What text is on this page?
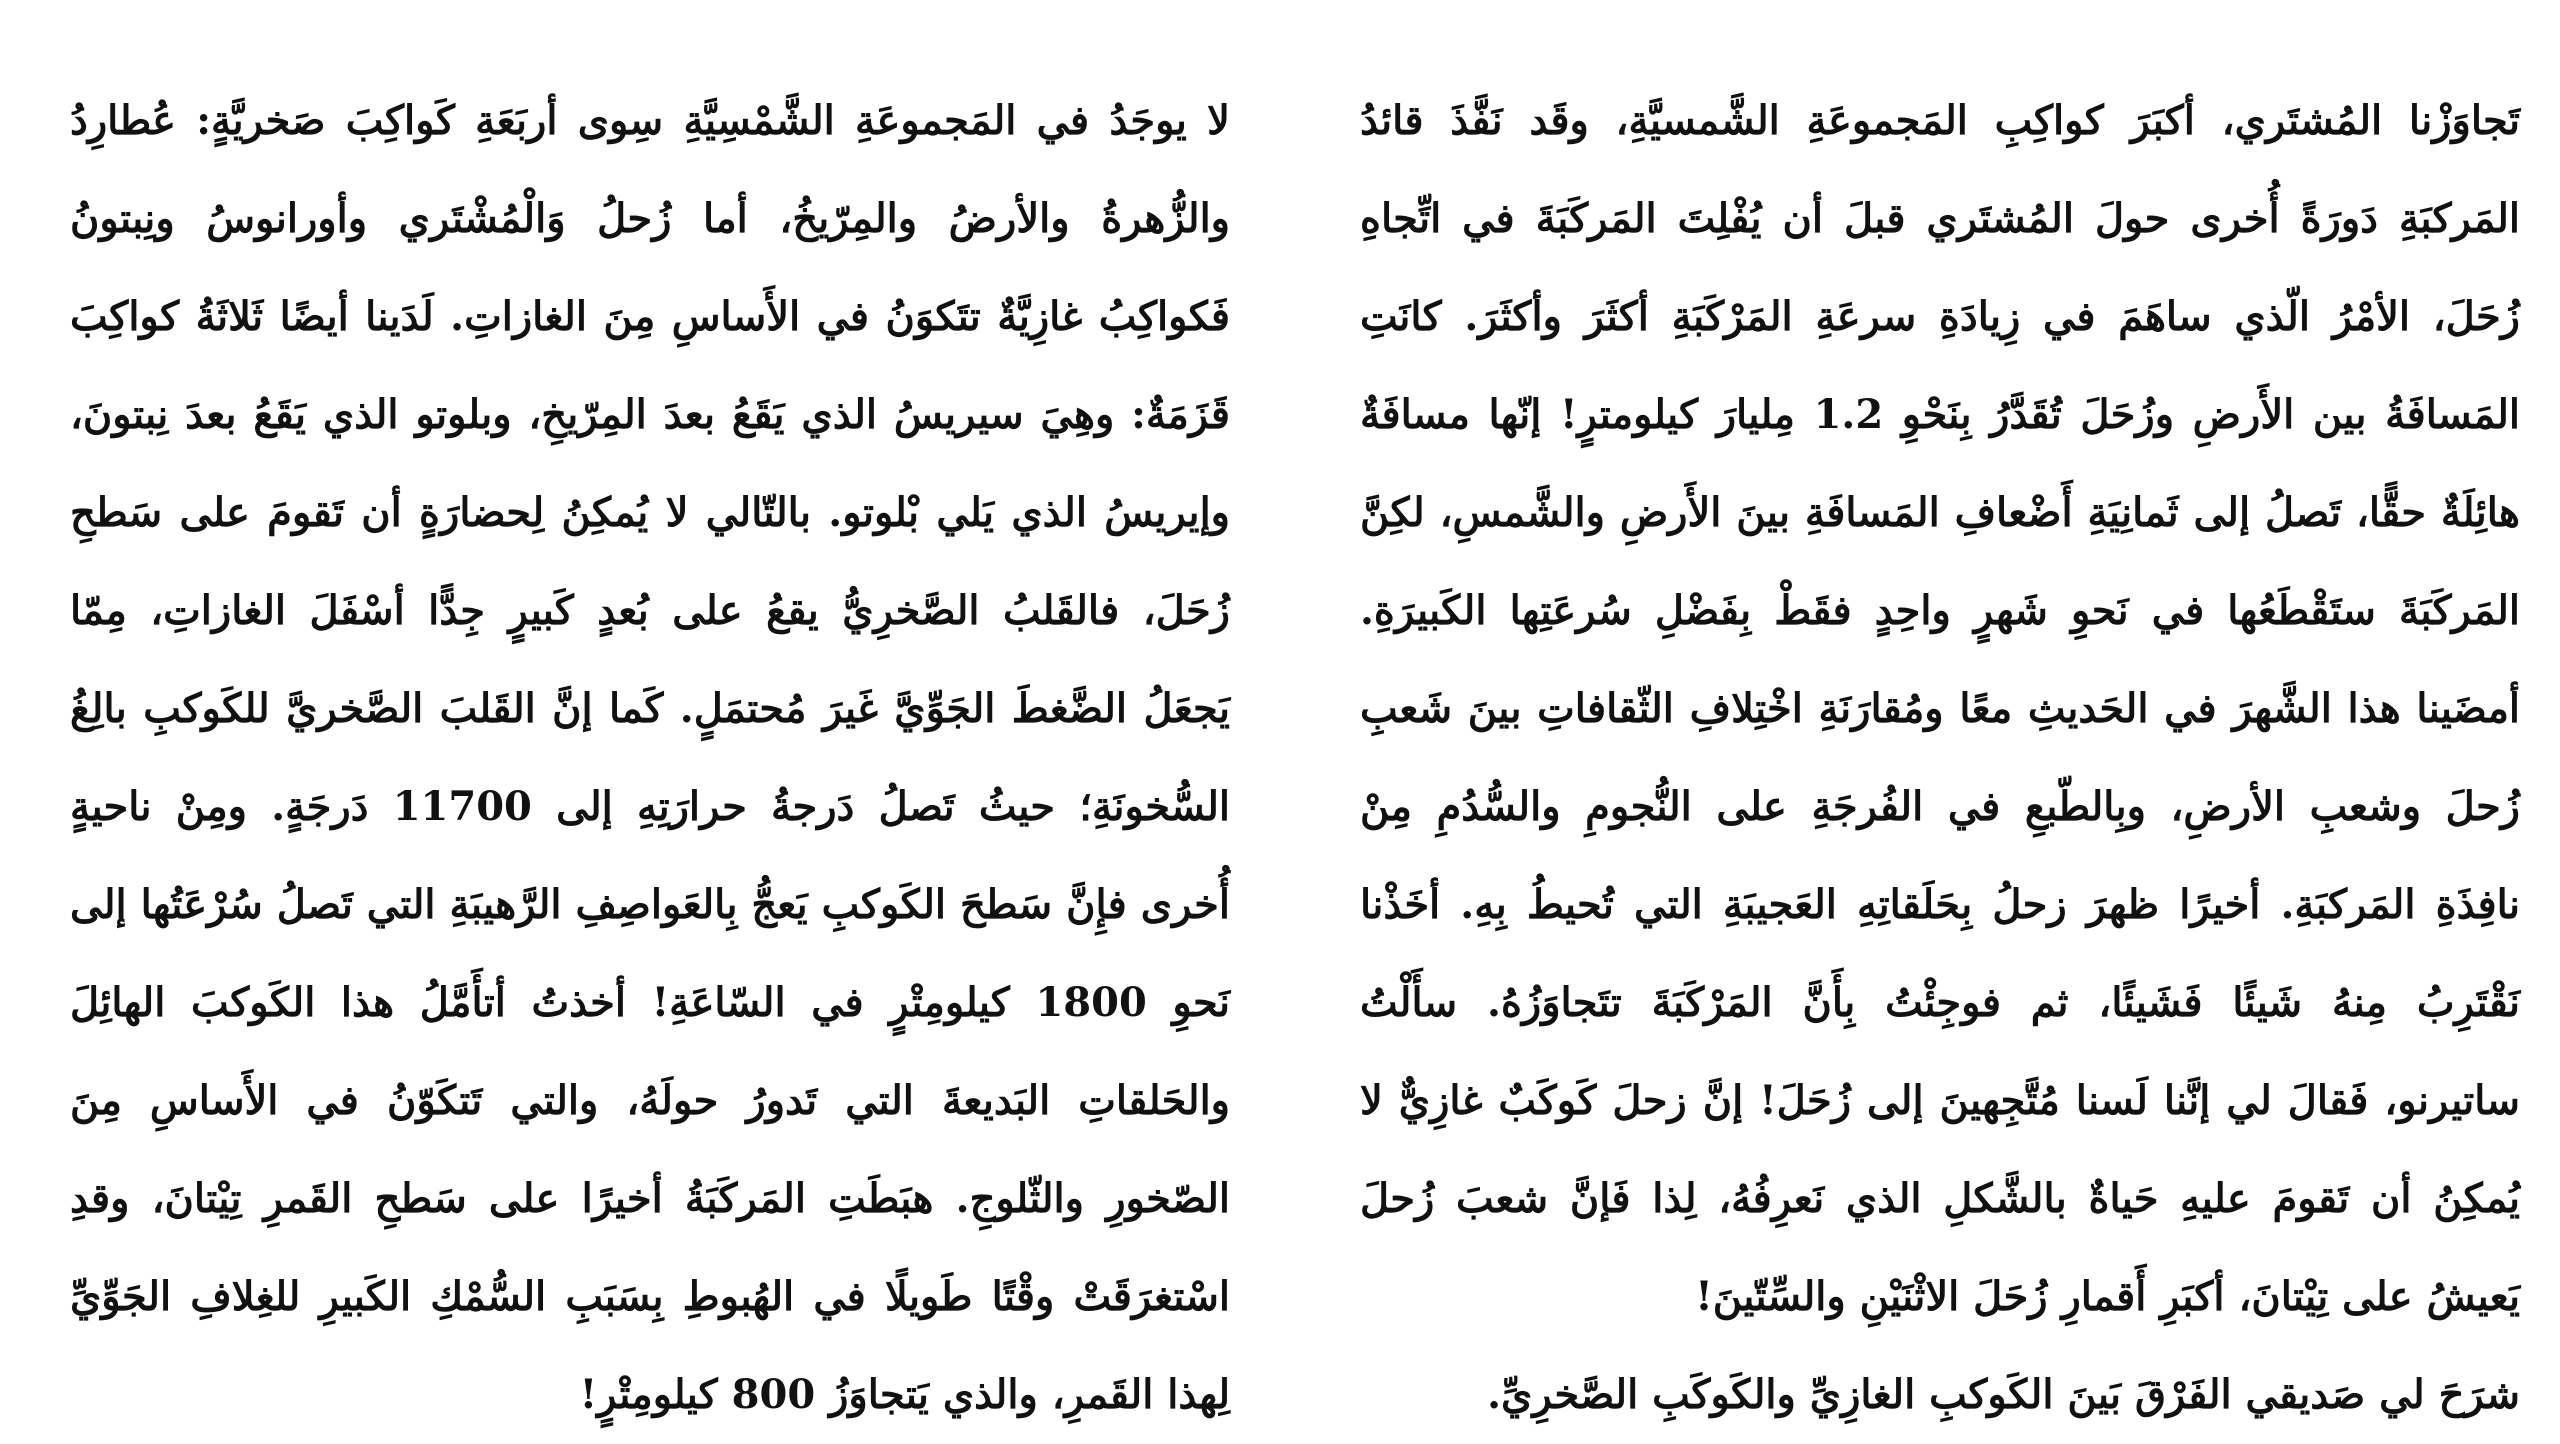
تَجاوَزْنا المُشتَري، أكبَرَ كواكِبِ المَجموعَةِ الشَّمسيَّةِ، وقَد نَفَّذَ قائدُ المَركبَةِ دَورَةً أُخرى حولَ المُشتَري قبلَ أن يُفْلِتَ المَركَبَةَ في اتِّجاهِ زُحَلَ، الأمْرُ الّذي ساهَمَ في زِيادَةِ سرعَةِ المَرْكَبَةِ أكثَرَ وأكثَرَ. كانَتِ المَسافَةُ بين الأَرضِ وزُحَلَ تُقَدَّرُ بِنَحْوِ 1.2 مِليارَ كيلومترٍ! إنّها مسافَةٌ هائِلَةٌ حقًّا، تَصلُ إلى ثَمانِيَةِ أَضْعافِ المَسافَةِ بينَ الأَرضِ والشَّمسِ، لكِنَّ المَركَبَةَ ستَقْطَعُها في نَحوِ شَهرٍ واحِدٍ فقَطْ بِفَضْلِ سُرعَتِها الكَبيرَةِ. أمضَينا هذا الشَّهرَ في الحَديثِ معًا ومُقارَنَةِ اخْتِلافِ الثّقافاتِ بينَ شَعبِ زُحلَ وشعبِ الأرضِ، وبِالطّبعِ في الفُرجَةِ على النُّجومِ والسُّدُمِ مِنْ نافِذَةِ المَركبَةِ. أخيرًا ظهرَ زحلُ بِحَلَقاتِهِ العَجيبَةِ التي تُحيطُ بِهِ. أخَذْنا نَقْتَرِبُ مِنهُ شَيئًا فَشَيئًا، ثم فوجِئْتُ بِأَنَّ المَرْكَبَةَ تتَجاوَزُهُ. سأَلْتُ ساتيرنو، فَقالَ لي إنَّنا لَسنا مُتَّجِهينَ إلى زُحَلَ! إنَّ زحلَ كَوكَبٌ غازِيٌّ لا يُمكِنُ أن تَقومَ عليهِ حَياةٌ بالشَّكلِ الذي نَعرِفُهُ، لِذا فَإنَّ شعبَ زُحلَ يَعيشُ على تِيْتانَ، أكبَرِ أَقمارِ زُحَلَ الاثْنَيْنِ والسِّتّينَ!

شرَحَ لي صَديقي الفَرْقَ بَينَ الكَوكبِ الغازِيِّ والكَوكَبِ الصَّخرِيِّ.

لا يوجَدُ في المَجموعَةِ الشَّمْسِيَّةِ سِوى أربَعَةِ كَواكِبَ صَخريَّةٍ: عُطارِدُ والزُّهرةُ والأرضُ والمِرّيخُ، أما زُحلُ وَالْمُشْتَري وأورانوسُ ونِبتونُ فَكواكِبُ غازِيَّةٌ تتَكوَنُ في الأَساسِ مِنَ الغازاتِ. لَدَينا أيضًا ثَلاثَةُ كواكِبَ قَزَمَةٌ: وهِيَ سيريسُ الذي يَقَعُ بعدَ المِرّيخِ، وبلوتو الذي يَقَعُ بعدَ نِبتونَ، وإيريسُ الذي يَلي بْلوتو. بالتّالي لا يُمكِنُ لِحضارَةٍ أن تَقومَ على سَطحِ زُحَلَ، فالقَلبُ الصَّخرِيُّ يقعُ على بُعدٍ كَبيرٍ جِدًّا أسْفَلَ الغازاتِ، مِمّا يَجعَلُ الضَّغطَ الجَوِّيَّ غَيرَ مُحتمَلٍ. كَما إنَّ القَلبَ الصَّخريَّ للكَوكبِ بالِغُ السُّخونَةِ؛ حيثُ تَصلُ دَرجةُ حرارَتِهِ إلى 11700 دَرجَةٍ. ومِنْ ناحيةٍ أُخرى فإِنَّ سَطحَ الكَوكبِ يَعجُّ بِالعَواصِفِ الرَّهيبَةِ التي تَصلُ سُرْعَتُها إلى نَحوِ 1800 كيلومِتْرٍ في السّاعَةِ! أخذتُ أتأَمَّلُ هذا الكَوكبَ الهائِلَ والحَلقاتِ البَديعةَ التي تَدورُ حولَهُ، والتي تَتكَوّنُ في الأَساسِ مِنَ الصّخورِ والثّلوجِ. هبَطَتِ المَركَبَةُ أخيرًا على سَطحِ القَمرِ تِيْتانَ، وقدِ اسْتغرَقَتْ وقْتًا طَويلًا في الهُبوطِ بِسَبَبِ السُّمْكِ الكَبيرِ للغِلافِ الجَوِّيِّ لِهذا القَمرِ، والذي يَتجاوَزُ 800 كيلومِتْرٍ!
